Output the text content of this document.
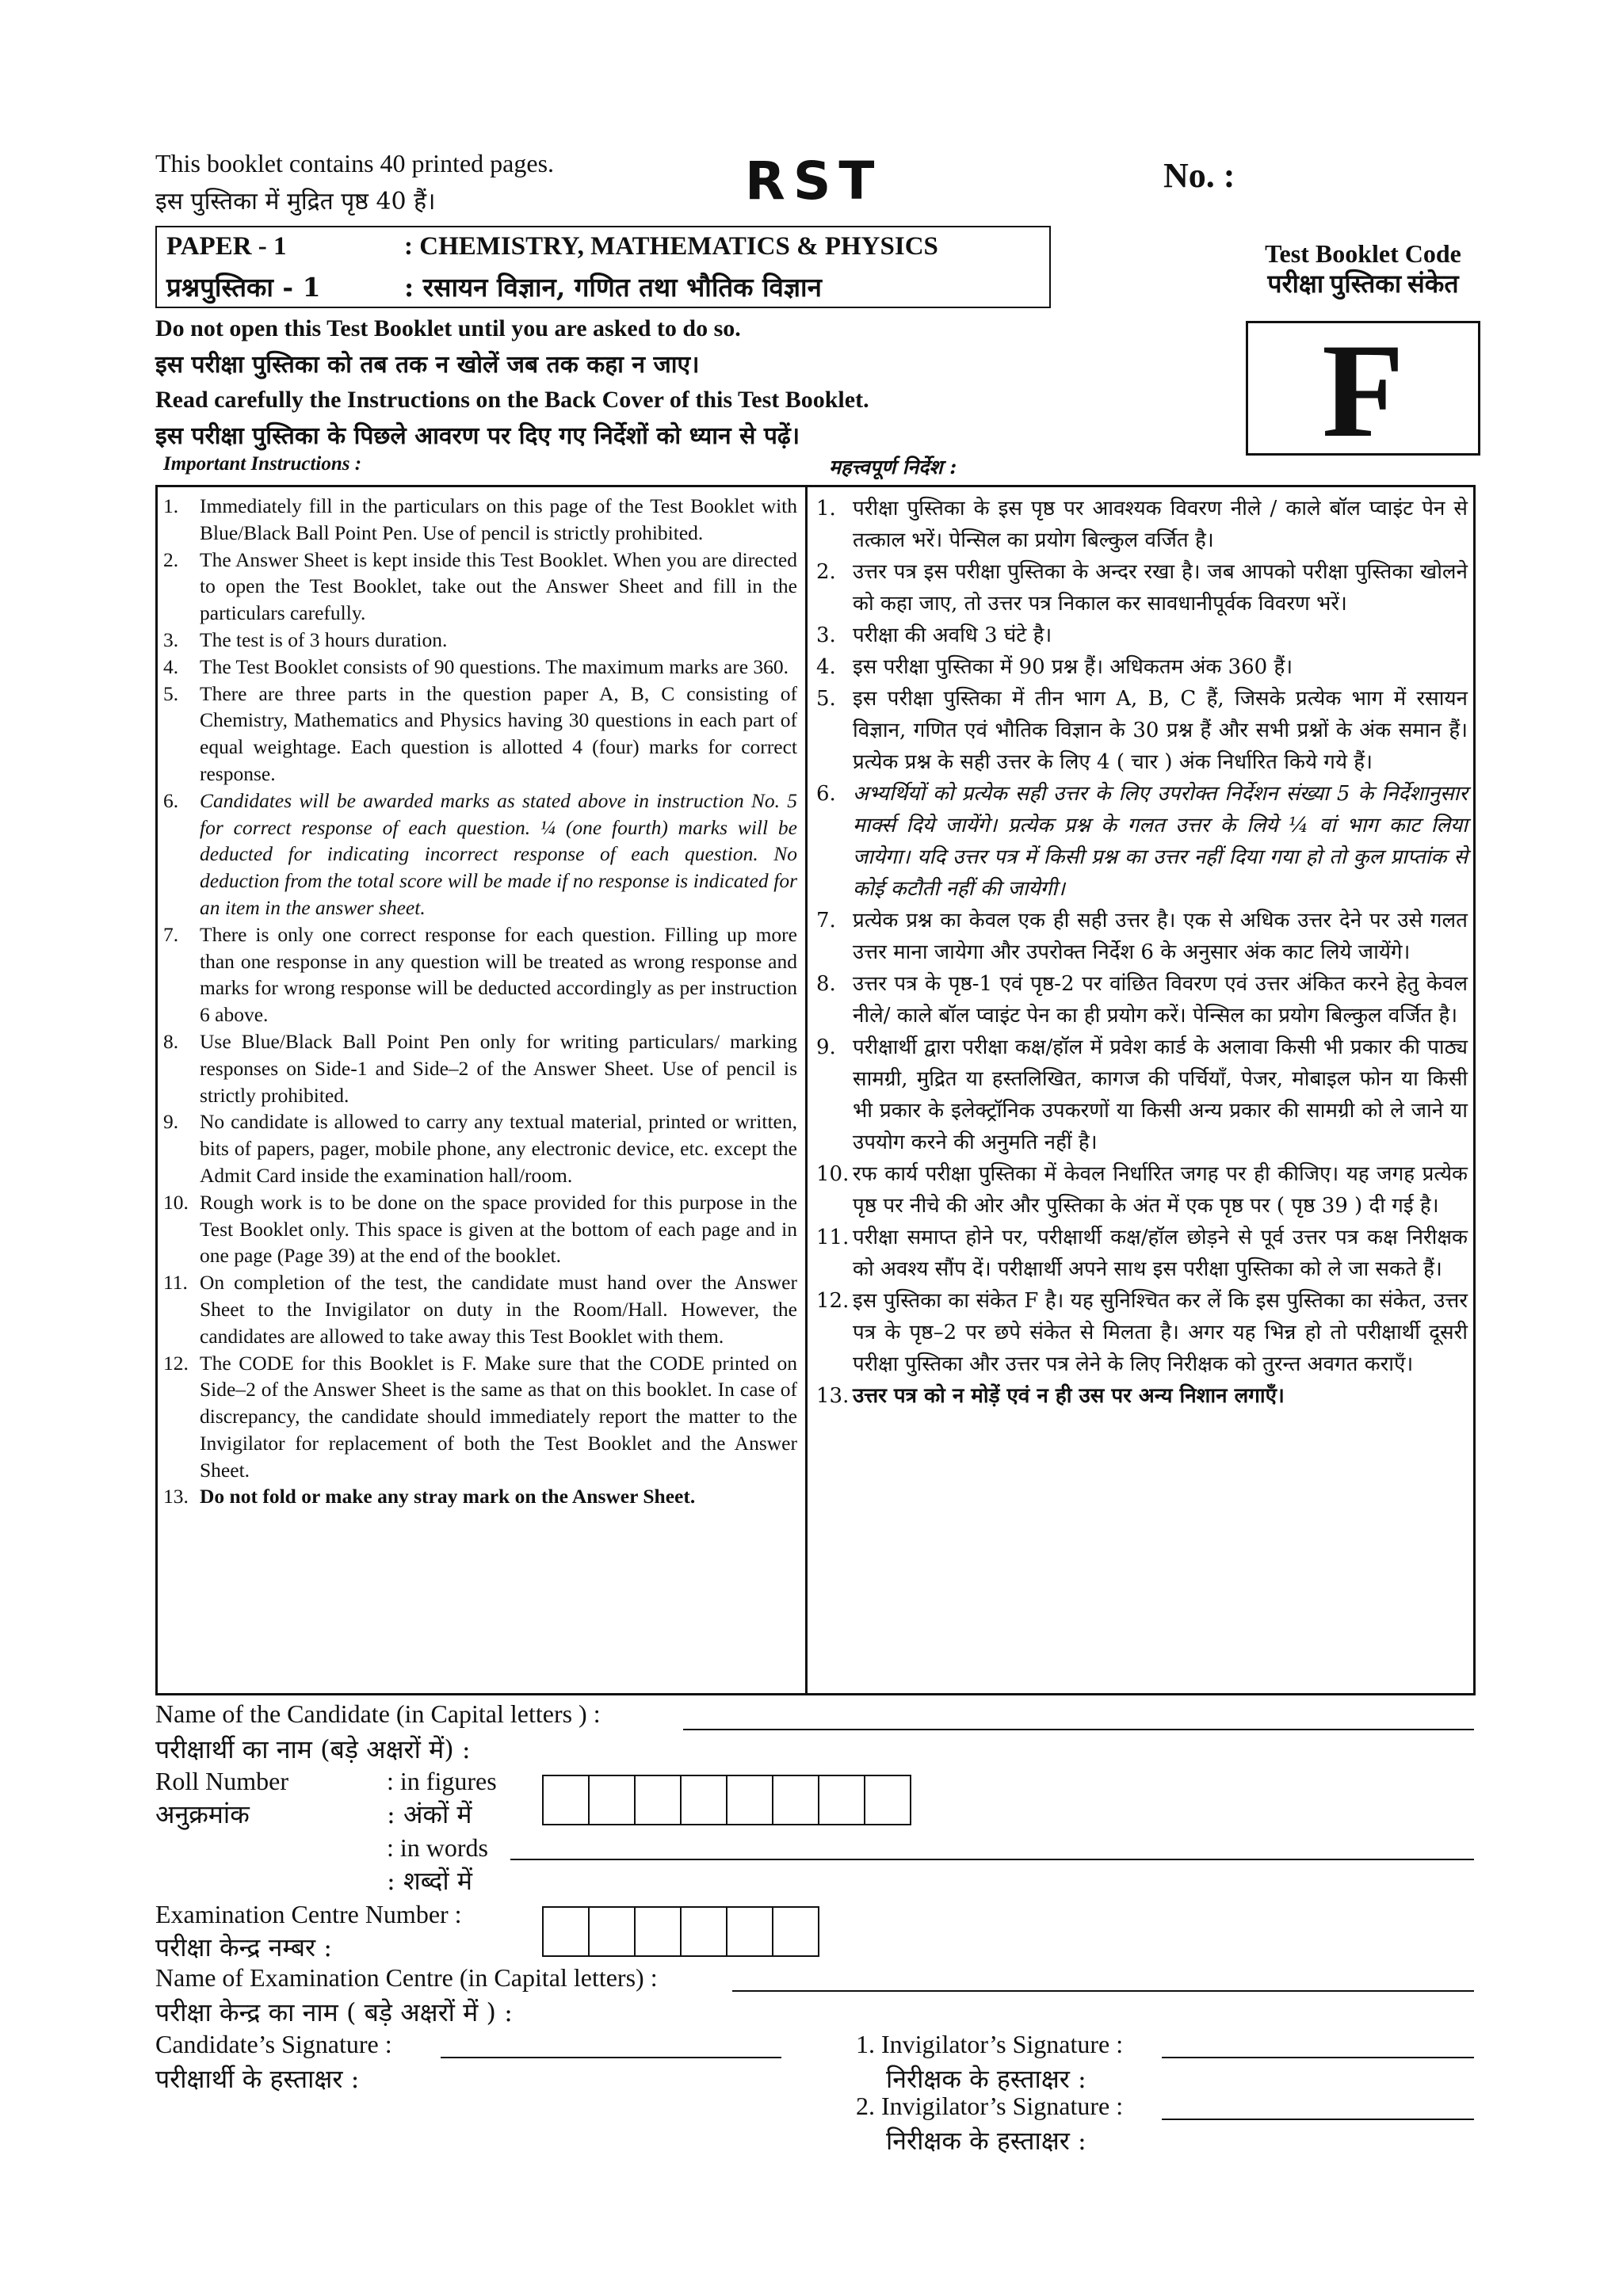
This booklet contains 40 printed pages.
इस पुस्तिका में मुद्रित पृष्ठ 40 हैं।	RST	No. :
PAPER - 1	: CHEMISTRY, MATHEMATICS & PHYSICS
प्रश्नपुस्तिका - 1	: रसायन विज्ञान, गणित तथा भौतिक विज्ञान
Test Booklet Code
परीक्षा पुस्तिका संकेत
F
Do not open this Test Booklet until you are asked to do so.
इस परीक्षा पुस्तिका को तब तक न खोलें जब तक कहा न जाए।
Read carefully the Instructions on the Back Cover of this Test Booklet.
इस परीक्षा पुस्तिका के पिछले आवरण पर दिए गए निर्देशों को ध्यान से पढ़ें।
Important Instructions :	महत्त्वपूर्ण निर्देश :
1.	Immediately fill in the particulars on this page of the Test Booklet with Blue/Black Ball Point Pen. Use of pencil is strictly prohibited.
2.	The Answer Sheet is kept inside this Test Booklet. When you are directed to open the Test Booklet, take out the Answer Sheet and fill in the particulars carefully.
3.	The test is of 3 hours duration.
4.	The Test Booklet consists of 90 questions. The maximum marks are 360.
5.	There are three parts in the question paper A, B, C consisting of Chemistry, Mathematics and Physics having 30 questions in each part of equal weightage. Each question is allotted 4 (four) marks for correct response.
6.	Candidates will be awarded marks as stated above in instruction No. 5 for correct response of each question. ¼ (one fourth) marks will be deducted for indicating incorrect response of each question. No deduction from the total score will be made if no response is indicated for an item in the answer sheet.
7.	There is only one correct response for each question. Filling up more than one response in any question will be treated as wrong response and marks for wrong response will be deducted accordingly as per instruction 6 above.
8.	Use Blue/Black Ball Point Pen only for writing particulars/ marking responses on Side-1 and Side–2 of the Answer Sheet. Use of pencil is strictly prohibited.
9.	No candidate is allowed to carry any textual material, printed or written, bits of papers, pager, mobile phone, any electronic device, etc. except the Admit Card inside the examination hall/room.
10. Rough work is to be done on the space provided for this purpose in the Test Booklet only. This space is given at the bottom of each page and in one page (Page 39) at the end of the booklet.
11. On completion of the test, the candidate must hand over the Answer Sheet to the Invigilator on duty in the Room/Hall. However, the candidates are allowed to take away this Test Booklet with them.
12. The CODE for this Booklet is F. Make sure that the CODE printed on Side–2 of the Answer Sheet is the same as that on this booklet. In case of discrepancy, the candidate should immediately report the matter to the Invigilator for replacement of both the Test Booklet and the Answer Sheet.
13. Do not fold or make any stray mark on the Answer Sheet.
1. परीक्षा पुस्तिका के इस पृष्ठ पर आवश्यक विवरण नीले / काले बॉल प्वाइंट पेन से तत्काल भरें। पेन्सिल का प्रयोग बिल्कुल वर्जित है।
2. उत्तर पत्र इस परीक्षा पुस्तिका के अन्दर रखा है। जब आपको परीक्षा पुस्तिका खोलने को कहा जाए, तो उत्तर पत्र निकाल कर सावधानीपूर्वक विवरण भरें।
3. परीक्षा की अवधि 3 घंटे है।
4. इस परीक्षा पुस्तिका में 90 प्रश्न हैं। अधिकतम अंक 360 हैं।
5. इस परीक्षा पुस्तिका में तीन भाग A, B, C हैं, जिसके प्रत्येक भाग में रसायन विज्ञान, गणित एवं भौतिक विज्ञान के 30 प्रश्न हैं और सभी प्रश्नों के अंक समान हैं। प्रत्येक प्रश्न के सही उत्तर के लिए 4 ( चार ) अंक निर्धारित किये गये हैं।
6. अभ्यर्थियों को प्रत्येक सही उत्तर के लिए उपरोक्त निर्देशन संख्या 5 के निर्देशानुसार मार्क्स दिये जायेंगे। प्रत्येक प्रश्न के गलत उत्तर के लिये ¼ वां भाग काट लिया जायेगा। यदि उत्तर पत्र में किसी प्रश्न का उत्तर नहीं दिया गया हो तो कुल प्राप्तांक से कोई कटौती नहीं की जायेगी।
7. प्रत्येक प्रश्न का केवल एक ही सही उत्तर है। एक से अधिक उत्तर देने पर उसे गलत उत्तर माना जायेगा और उपरोक्त निर्देश 6 के अनुसार अंक काट लिये जायेंगे।
8. उत्तर पत्र के पृष्ठ-1 एवं पृष्ठ-2 पर वांछित विवरण एवं उत्तर अंकित करने हेतु केवल नीले/ काले बॉल प्वाइंट पेन का ही प्रयोग करें। पेन्सिल का प्रयोग बिल्कुल वर्जित है।
9. परीक्षार्थी द्वारा परीक्षा कक्ष/हॉल में प्रवेश कार्ड के अलावा किसी भी प्रकार की पाठ्य सामग्री, मुद्रित या हस्तलिखित, कागज की पर्चियाँ, पेजर, मोबाइल फोन या किसी भी प्रकार के इलेक्ट्रॉनिक उपकरणों या किसी अन्य प्रकार की सामग्री को ले जाने या उपयोग करने की अनुमति नहीं है।
10. रफ कार्य परीक्षा पुस्तिका में केवल निर्धारित जगह पर ही कीजिए। यह जगह प्रत्येक पृष्ठ पर नीचे की ओर और पुस्तिका के अंत में एक पृष्ठ पर ( पृष्ठ 39 ) दी गई है।
11. परीक्षा समाप्त होने पर, परीक्षार्थी कक्ष/हॉल छोड़ने से पूर्व उत्तर पत्र कक्ष निरीक्षक को अवश्य सौंप दें। परीक्षार्थी अपने साथ इस परीक्षा पुस्तिका को ले जा सकते हैं।
12. इस पुस्तिका का संकेत F है। यह सुनिश्चित कर लें कि इस पुस्तिका का संकेत, उत्तर पत्र के पृष्ठ–2 पर छपे संकेत से मिलता है। अगर यह भिन्न हो तो परीक्षार्थी दूसरी परीक्षा पुस्तिका और उत्तर पत्र लेने के लिए निरीक्षक को तुरन्त अवगत कराएँ।
13. उत्तर पत्र को न मोड़ें एवं न ही उस पर अन्य निशान लगाएँ।
Name of the Candidate (in Capital letters ) :
परीक्षार्थी का नाम (बड़े अक्षरों में) :
Roll Number
अनुक्रमांक
: in figures
: अंकों में
: in words
: शब्दों में
Examination Centre Number :
परीक्षा केन्द्र नम्बर :
Name of Examination Centre (in Capital letters) :
परीक्षा केन्द्र का नाम ( बड़े अक्षरों में ) :
Candidate’s Signature :
परीक्षार्थी के हस्ताक्षर :
1. Invigilator’s Signature :
निरीक्षक के हस्ताक्षर :
2. Invigilator’s Signature :
निरीक्षक के हस्ताक्षर :
